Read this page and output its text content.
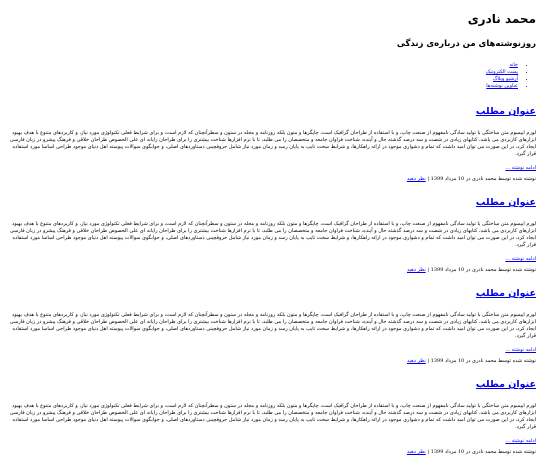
محمد نادری
روزنوشته‌های من درباره‌ی زندگی
• خانه
• پست الکترونیک
• آرشیو وبلاگ
• عناوین نوشته‌ها
عنوان مطلب

لورم ایپسوم متن ساختگی با تولید سادگی نامفهوم از صنعت چاپ، و با استفاده از طراحان گرافیک است، چاپگرها و متون بلکه روزنامه و مجله در ستون و سطرآنچنان که لازم است، و برای شرایط فعلی تکنولوژی مورد نیاز، و کاربردهای متنوع با هدف بهبود ابزارهای کاربردی می باشد، کتابهای زیادی در شصت و سه درصد گذشته حال و آینده، شناخت فراوان جامعه و متخصصان را می طلبد، تا با نرم افزارها شناخت بیشتری را برای طراحان رایانه ای علی الخصوص طراحان خلاقی و فرهنگ پیشرو در زبان فارسی ایجاد کرد، در این صورت می توان امید داشت که تمام و دشواری موجود در ارائه راهکارها، و شرایط سخت تایپ به پایان رسد و زمان مورد نیاز شامل حروفچینی دستاوردهای اصلی، و جوابگوی سوالات پیوسته اهل دنیای موجود طراحی اساسا مورد استفاده قرار گیرد.

ادامه نوشته ...

نوشته شده توسط محمد نادری در 10 مرداد 1399 | نظر دهید

عنوان مطلب

لورم ایپسوم متن ساختگی با تولید سادگی نامفهوم از صنعت چاپ، و با استفاده از طراحان گرافیک است، چاپگرها و متون بلکه روزنامه و مجله در ستون و سطرآنچنان که لازم است، و برای شرایط فعلی تکنولوژی مورد نیاز، و کاربردهای متنوع با هدف بهبود ابزارهای کاربردی می باشد، کتابهای زیادی در شصت و سه درصد گذشته حال و آینده، شناخت فراوان جامعه و متخصصان را می طلبد، تا با نرم افزارها شناخت بیشتری را برای طراحان رایانه ای علی الخصوص طراحان خلاقی و فرهنگ پیشرو در زبان فارسی ایجاد کرد، در این صورت می توان امید داشت که تمام و دشواری موجود در ارائه راهکارها، و شرایط سخت تایپ به پایان رسد و زمان مورد نیاز شامل حروفچینی دستاوردهای اصلی، و جوابگوی سوالات پیوسته اهل دنیای موجود طراحی اساسا مورد استفاده قرار گیرد.

ادامه نوشته ...

نوشته شده توسط محمد نادری در 10 مرداد 1399 | نظر دهید

عنوان مطلب

لورم ایپسوم متن ساختگی با تولید سادگی نامفهوم از صنعت چاپ، و با استفاده از طراحان گرافیک است، چاپگرها و متون بلکه روزنامه و مجله در ستون و سطرآنچنان که لازم است، و برای شرایط فعلی تکنولوژی مورد نیاز، و کاربردهای متنوع با هدف بهبود ابزارهای کاربردی می باشد، کتابهای زیادی در شصت و سه درصد گذشته حال و آینده، شناخت فراوان جامعه و متخصصان را می طلبد، تا با نرم افزارها شناخت بیشتری را برای طراحان رایانه ای علی الخصوص طراحان خلاقی و فرهنگ پیشرو در زبان فارسی ایجاد کرد، در این صورت می توان امید داشت که تمام و دشواری موجود در ارائه راهکارها، و شرایط سخت تایپ به پایان رسد و زمان مورد نیاز شامل حروفچینی دستاوردهای اصلی، و جوابگوی سوالات پیوسته اهل دنیای موجود طراحی اساسا مورد استفاده قرار گیرد.

ادامه نوشته ...

نوشته شده توسط محمد نادری در 10 مرداد 1399 | نظر دهید

عنوان مطلب

لورم ایپسوم متن ساختگی با تولید سادگی نامفهوم از صنعت چاپ، و با استفاده از طراحان گرافیک است، چاپگرها و متون بلکه روزنامه و مجله در ستون و سطرآنچنان که لازم است، و برای شرایط فعلی تکنولوژی مورد نیاز، و کاربردهای متنوع با هدف بهبود ابزارهای کاربردی می باشد، کتابهای زیادی در شصت و سه درصد گذشته حال و آینده، شناخت فراوان جامعه و متخصصان را می طلبد، تا با نرم افزارها شناخت بیشتری را برای طراحان رایانه ای علی الخصوص طراحان خلاقی و فرهنگ پیشرو در زبان فارسی ایجاد کرد، در این صورت می توان امید داشت که تمام و دشواری موجود در ارائه راهکارها، و شرایط سخت تایپ به پایان رسد و زمان مورد نیاز شامل حروفچینی دستاوردهای اصلی، و جوابگوی سوالات پیوسته اهل دنیای موجود طراحی اساسا مورد استفاده قرار گیرد.

ادامه نوشته ...

نوشته شده توسط محمد نادری در 10 مرداد 1399 | نظر دهید
